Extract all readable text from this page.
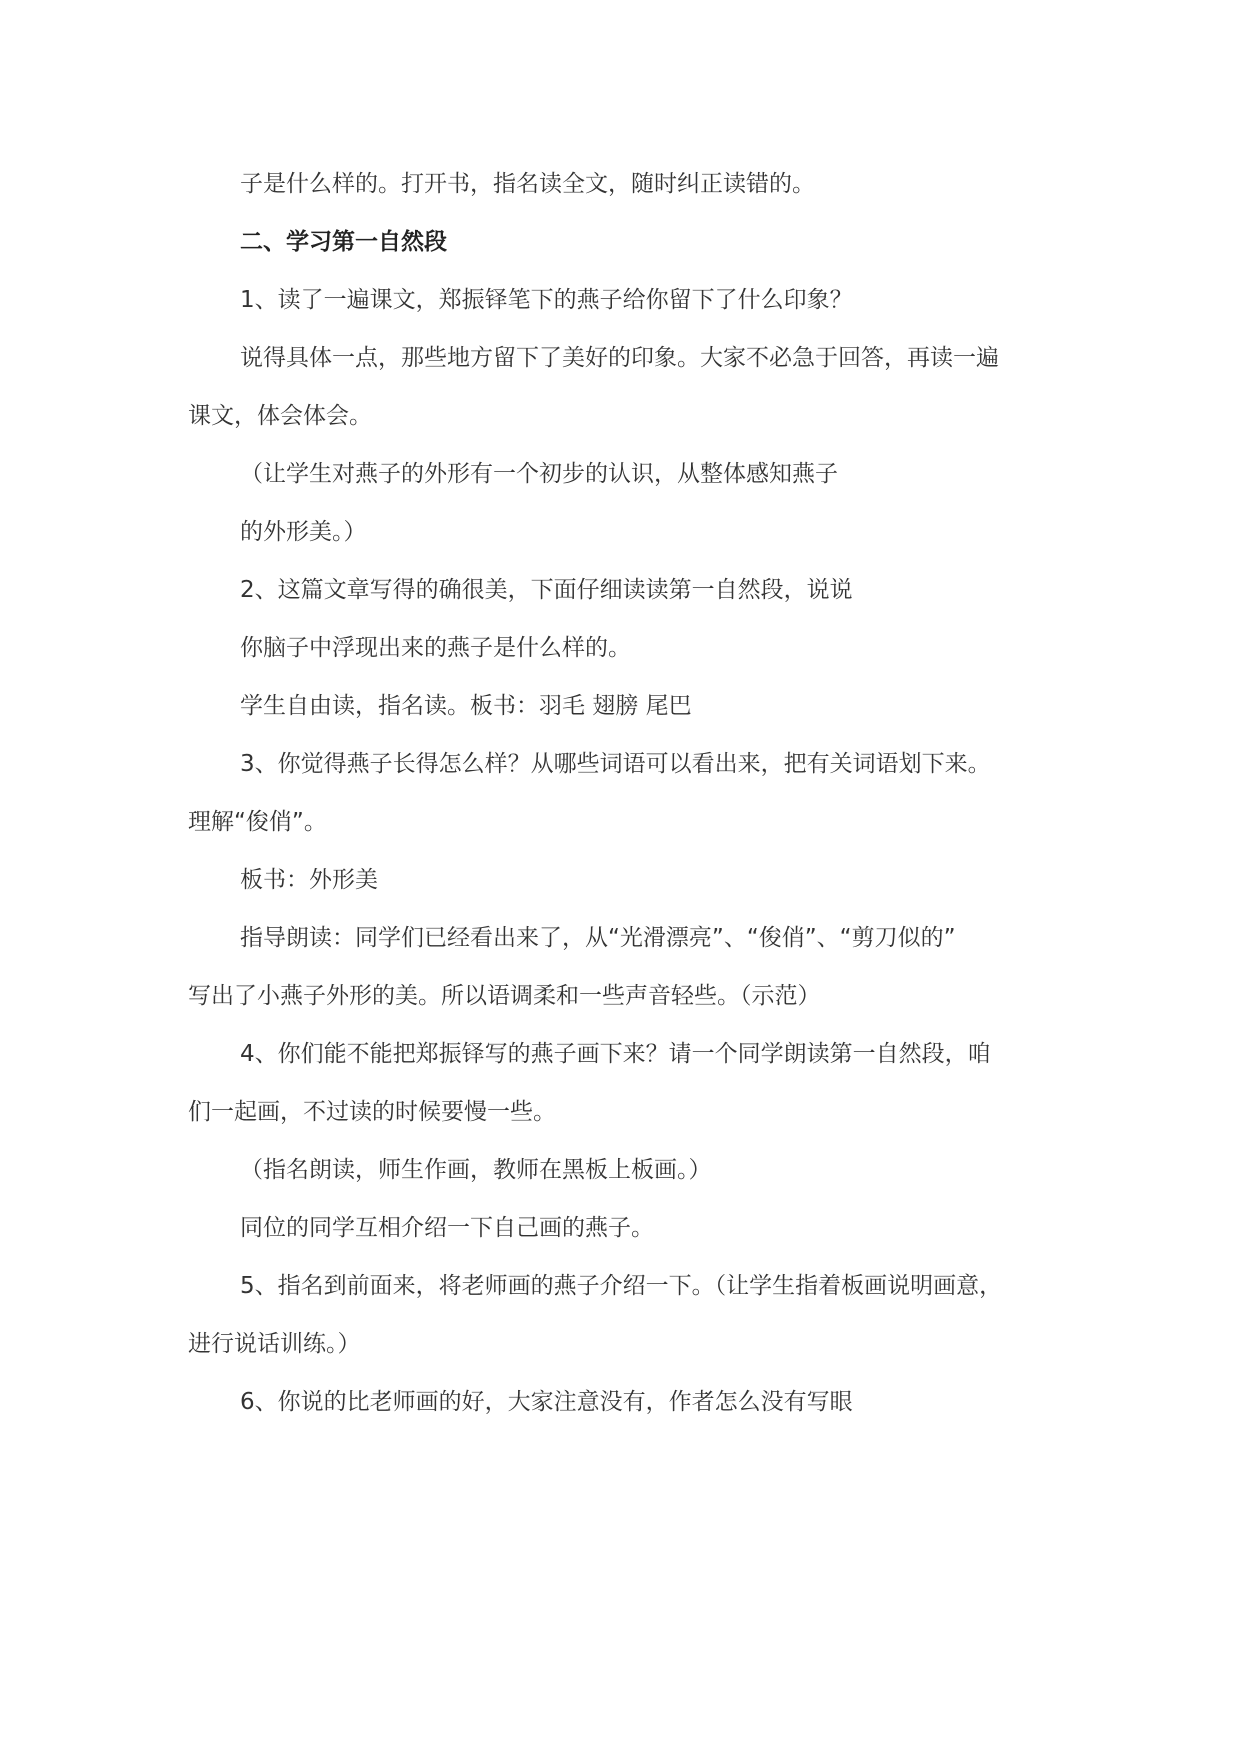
子是什么样的。打开书，指名读全文，随时纠正读错的。
二、学习第一自然段
1、读了一遍课文，郑振铎笔下的燕子给你留下了什么印象？
说得具体一点，那些地方留下了美好的印象。大家不必急于回答，再读一遍
课文，体会体会。
（让学生对燕子的外形有一个初步的认识，从整体感知燕子
的外形美。）
2、这篇文章写得的确很美，下面仔细读读第一自然段，说说
你脑子中浮现出来的燕子是什么样的。
学生自由读，指名读。板书：羽毛 翅膀 尾巴
3、你觉得燕子长得怎么样？从哪些词语可以看出来，把有关词语划下来。
理解“俊俏”。
板书：外形美
指导朗读：同学们已经看出来了，从“光滑漂亮”、“俊俏”、“剪刀似的”
写出了小燕子外形的美。所以语调柔和一些声音轻些。（示范）
4、你们能不能把郑振铎写的燕子画下来？请一个同学朗读第一自然段，咱
们一起画，不过读的时候要慢一些。
（指名朗读，师生作画，教师在黑板上板画。）
同位的同学互相介绍一下自己画的燕子。
5、指名到前面来，将老师画的燕子介绍一下。（让学生指着板画说明画意，
进行说话训练。）
6、你说的比老师画的好，大家注意没有，作者怎么没有写眼
